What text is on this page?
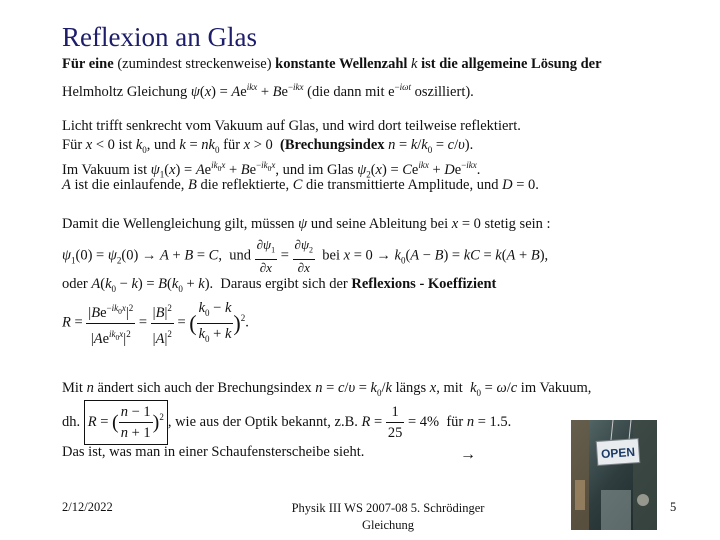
Reflexion an Glas
Für eine (zumindest streckenweise) konstante Wellenzahl k ist die allgemeine Lösung der
Helmholtz Gleichung $\psi(x) = Ae^{ikx} + Be^{-ikx}$ (die dann mit $e^{-i\omega t}$ oszilliert).
Licht trifft senkrecht vom Vakuum auf Glas, und wird dort teilweise reflektiert.
Für x < 0 ist $k_0$, und $k = nk_0$ für x > 0  (Brechungsindex $n = k/k_0 = c/\upsilon$).
Im Vakuum ist $\psi_1(x) = Ae^{ik_0x} + Be^{-ik_0x}$, und im Glas $\psi_2(x) = Ce^{ikx} + De^{-ikx}$.
A ist die einlaufende, B die reflektierte, C die transmittierte Amplitude, und D = 0.
Damit die Wellengleichung gilt, müssen ψ und seine Ableitung bei x = 0 stetig sein :
$\psi_1(0) = \psi_2(0) \to A + B = C$,  und $\frac{\partial\psi_1}{\partial x} = \frac{\partial\psi_2}{\partial x}$ bei $x = 0 \to k_0(A - B)$ = kC = k(A + B),
oder $A(k_0 - k) = B(k_0 + k)$.  Daraus ergibt sich der Reflexions - Koeffizient
$R = \frac{|Be^{-ik_0x}|^2}{|Ae^{ik_0x}|^2} = \frac{|B|^2}{|A|^2}$ = ( $\frac{k_0 - k}{k_0 + k} )^2$.
Mit n ändert sich auch der Brechungsindex $n = c/\upsilon = k_0/k$ längs x, mit  $k_0 = \omega/c$ im Vakuum,
dh. R = ( $\frac{n - 1}{n + 1} )^2$ , wie aus der Optik bekannt, z.B. $R = \frac{1}{25} = 4\%$  für n = 1.5.
Das ist, was man in einer Schaufensterscheibe sieht.	→	OPEN
2/12/2022	Physik III WS 2007-08 5. Schrödinger Gleichung
5
